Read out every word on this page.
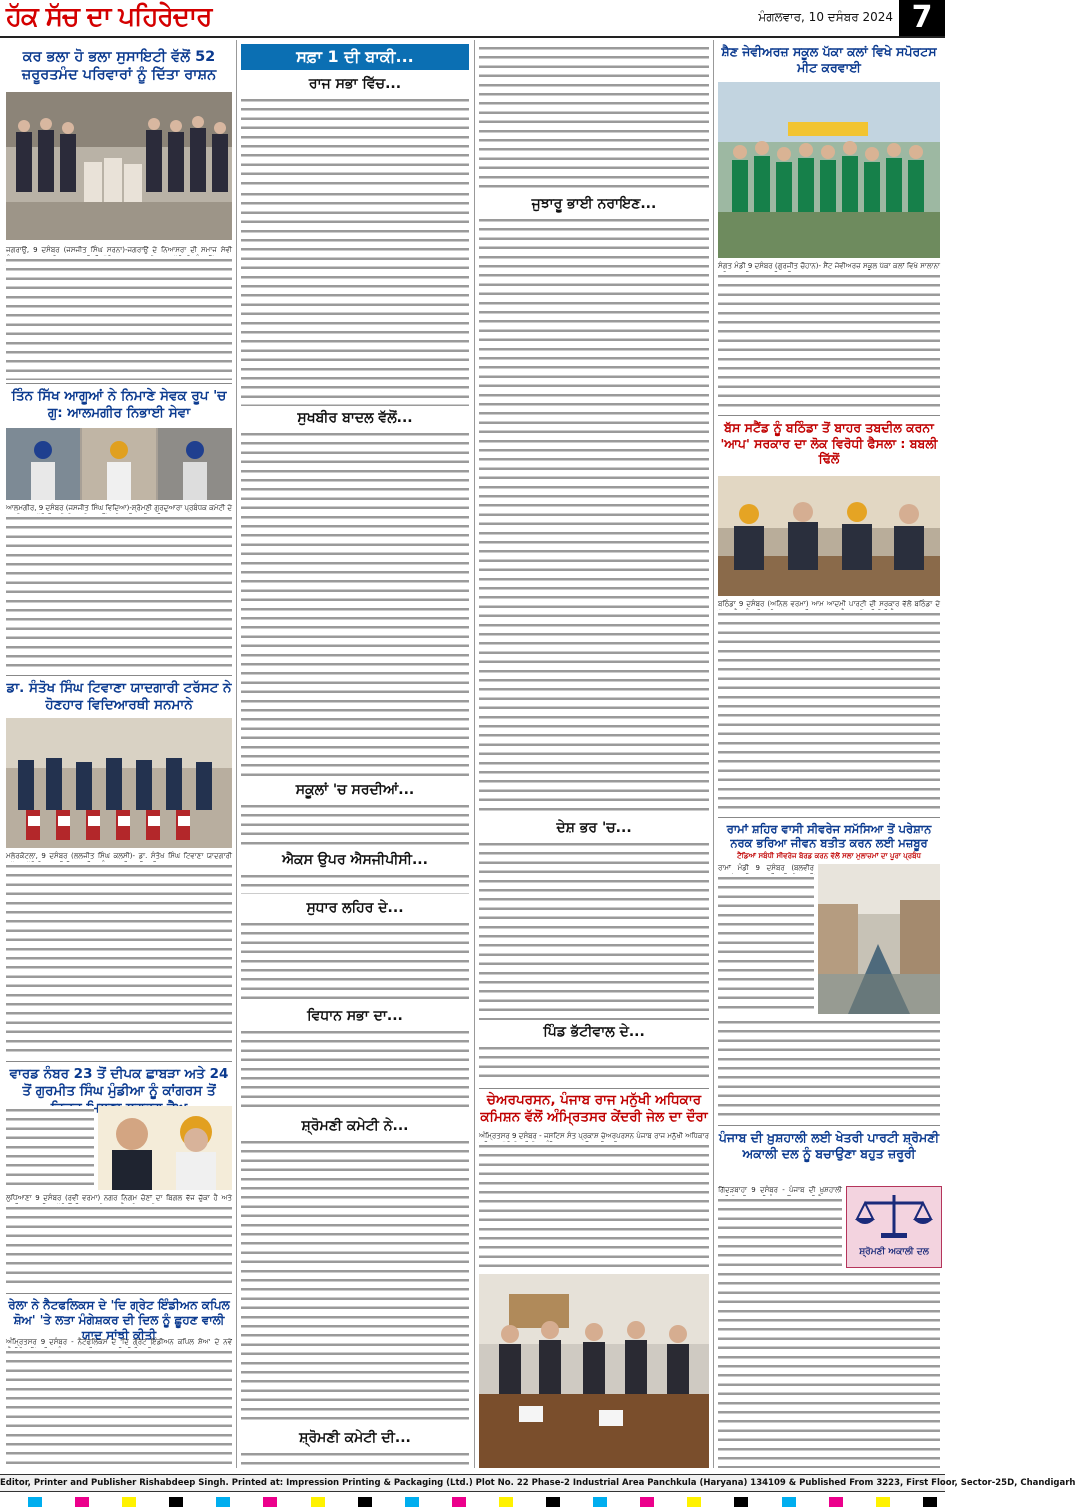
ਹੱਕ ਸੱਚ ਦਾ ਪਹਿਰੇਦਾਰ	ਮੰਗਲਵਾਰ, 10 ਦਸੰਬਰ 2024 7
ਕਰ ਭਲਾ ਹੋ ਭਲਾ ਸੁਸਾਇਟੀ ਵੱਲੋਂ 52 ਜ਼ਰੂਰਤਮੰਦ ਪਰਿਵਾਰਾਂ ਨੂੰ ਦਿੱਤਾ ਰਾਸ਼ਨ
ਜਗਰਾਉਂ, 9 ਦਸੰਬਰ (ਜਸਜੀਤ ਸਿੰਘ ਸਰਨਾ)-ਜਗਰਾਉਂ ਦੇ ਨਿਆਸਰਾ ਦੀ ਸਮਾਜ ਸੇਵੀ
ਤਿੰਨ ਸਿੱਖ ਆਗੂਆਂ ਨੇ ਨਿਮਾਣੇ ਸੇਵਕ ਰੂਪ 'ਚ ਗੁ: ਆਲਮਗੀਰ ਨਿਭਾਈ ਸੇਵਾ
ਆਲਮਗੀਰ, 9 ਦਸੰਬਰ (ਜਸਜੀਤ ਸਿੰਘ ਵਿਦਿਆ)-ਸ਼੍ਰੋਮਣੀ ਗੁਰਦੁਆਰਾ ਪ੍ਰਬੰਧਕ ਕਮੇਟੀ ਦੇ
ਡਾ. ਸੰਤੋਖ ਸਿੰਘ ਟਿਵਾਣਾ ਯਾਦਗਾਰੀ ਟਰੱਸਟ ਨੇ ਹੋਣਹਾਰ ਵਿਦਿਆਰਥੀ ਸਨਮਾਨੇ
ਮਲੇਰਕੋਟਲਾ, 9 ਦਸੰਬਰ (ਲਲਜੀਤ ਸਿੰਘ ਕਲਸੀ)- ਡਾ. ਸੰਤੋਖ ਸਿੰਘ ਟਿਵਾਣਾ ਯਾਦਗਾਰੀ
ਵਾਰਡ ਨੰਬਰ 23 ਤੋਂ ਦੀਪਕ ਛਾਬੜਾ ਅਤੇ 24 ਤੋਂ ਗੁਰਮੀਤ ਸਿੰਘ ਮੁੰਡੀਆ ਨੂੰ ਕਾਂਗਰਸ ਤੋਂ
ਲੁਧਿਆਣਾ 9 ਦਸੰਬਰ (ਰਵੀ ਵਰਮਾ) ਨਗਰ ਨਿਗਮ ਚੋਣਾਂ ਦਾ ਬਿਗਲ ਵੱਜ ਚੁੱਕਾ ਹੈ ਅਤੇ
ਰੇਲਾ ਨੇ ਨੈਟਫਲਿਕਸ ਦੇ 'ਦਿ ਗ੍ਰੇਟ ਇੰਡੀਅਨ ਕਪਿਲ ਸ਼ੋਅ' 'ਤੇ ਲਤਾ ਮੰਗੇਸ਼ਕਰ ਦੀ ਦਿਲ ਨੂੰ ਛੂਹਣ ਵਾਲੀ ਯਾਦ ਸਾਂਝੀ ਕੀਤੀ
ਅੰਮ੍ਰਿਤਸਰ 9 ਦਸੰਬਰ - ਨੈਟਫਲਿਕਸ ਦੇ 'ਦਿ ਗ੍ਰੇਟ ਇੰਡੀਅਨ ਕਪਿਲ ਸ਼ੋਅ' ਦੇ ਨਵੇਂ
ਸਫ਼ਾ 1 ਦੀ ਬਾਕੀ...
ਰਾਜ ਸਭਾ ਵਿੱਚ...
ਸੁਖਬੀਰ ਬਾਦਲ ਵੱਲੋਂ...
ਸਕੂਲਾਂ 'ਚ ਸਰਦੀਆਂ...
ਐਕਸ ਉਪਰ ਐਸਜੀਪੀਸੀ...
ਸੁਧਾਰ ਲਹਿਰ ਦੇ...
ਵਿਧਾਨ ਸਭਾ ਦਾ...
ਸ਼੍ਰੋਮਣੀ ਕਮੇਟੀ ਨੇ...
ਸ਼੍ਰੋਮਣੀ ਕਮੇਟੀ ਦੀ...
ਜੁਝਾਰੂ ਭਾਈ ਨਰਾਇਣ...
ਦੇਸ਼ ਭਰ 'ਚ...
ਪਿੰਡ ਭੱਟੀਵਾਲ ਦੇ...
ਚੇਅਰਪਰਸਨ, ਪੰਜਾਬ ਰਾਜ ਮਨੁੱਖੀ ਅਧਿਕਾਰ ਕਮਿਸ਼ਨ ਵੱਲੋਂ ਅੰਮ੍ਰਿਤਸਰ ਕੇਂਦਰੀ ਜੇਲ ਦਾ ਦੌਰਾ
ਅੰਮ੍ਰਿਤਸਰ 9 ਦਸੰਬਰ - ਜਸਟਿਸ ਸੰਤ ਪ੍ਰਕਾਸ਼ ਚੇਅਰਪਰਸਨ ਪੰਜਾਬ ਰਾਜ ਮਨੁੱਖੀ ਅਧਿਕਾਰ
ਸ਼ੈਣ ਜੇਵੀਅਰਜ਼ ਸਕੂਲ ਪੱਕਾ ਕਲਾਂ ਵਿਖੇ ਸਪੋਰਟਸ ਮੀਟ ਕਰਵਾਈ
ਸੰਗਤ ਮੰਡੀ 9 ਦਸੰਬਰ (ਗੁਰਜੀਤ ਚੌਹਾਨ)- ਸੈਂਟ ਜੇਵੀਅਰਜ਼ ਸਕੂਲ ਪੱਕਾ ਕਲਾਂ ਵਿਖੇ ਸਾਲਾਨਾ
ਬੱਸ ਸਟੈਂਡ ਨੂੰ ਬਠਿੰਡਾ ਤੋਂ ਬਾਹਰ ਤਬਦੀਲ ਕਰਨਾ 'ਆਪ' ਸਰਕਾਰ ਦਾ ਲੋਕ ਵਿਰੋਧੀ ਫੈਸਲਾ : ਬਬਲੀ ਢਿੱਲੋਂ
ਬਠਿੰਡਾ 9 ਦਸੰਬਰ (ਅਨਿਲ ਵਰਮਾ) ਆਮ ਆਦਮੀ ਪਾਰਟੀ ਦੀ ਸਰਕਾਰ ਵੱਲੋਂ ਬਠਿੰਡਾ ਦੇ
ਰਾਮਾਂ ਸ਼ਹਿਰ ਵਾਸੀ ਸੀਵਰੇਜ ਸਮੱਸਿਆ ਤੋਂ ਪਰੇਸ਼ਾਨ ਨਰਕ ਭਰਿਆ ਜੀਵਨ ਬਤੀਤ ਕਰਨ ਲਈ ਮਜ਼ਬੂਰ
ਟੈਂਡਿਆਂ ਸਬੰਧੀ ਸੀਵਰੇਜ ਬੋਰਡ ਕਰਨ ਵੱਲੋਂ ਸਲਾ ਮੁਲਾਜ਼ਮਾਂ ਦਾ ਪੂਰਾ ਪ੍ਰਬੰਧ
ਰਾਮਾਂ ਮੰਡੀ 9 ਦਸੰਬਰ (ਬਲਵੀਰ
ਪੰਜਾਬ ਦੀ ਖ਼ੁਸ਼ਹਾਲੀ ਲਈ ਖੇਤਰੀ ਪਾਰਟੀ ਸ਼੍ਰੋਮਣੀ ਅਕਾਲੀ ਦਲ ਨੂੰ ਬਚਾਉਣਾ ਬਹੁਤ ਜ਼ਰੂਰੀ
ਗਿੱਦੜਬਾਹਾ 9 ਦਸੰਬਰ - ਪੰਜਾਬ ਦੀ ਖ਼ੁਸ਼ਹਾਲੀ
ਸ਼੍ਰੋਮਣੀ ਅਕਾਲੀ ਦਲ
Editor, Printer and Publisher Rishabdeep Singh. Printed at: Impression Printing & Packaging (Ltd.) Plot No. 22 Phase-2 Industrial Area Panchkula (Haryana) 134109 & Published From 3223, First Floor, Sector-25D, Chandigarh
